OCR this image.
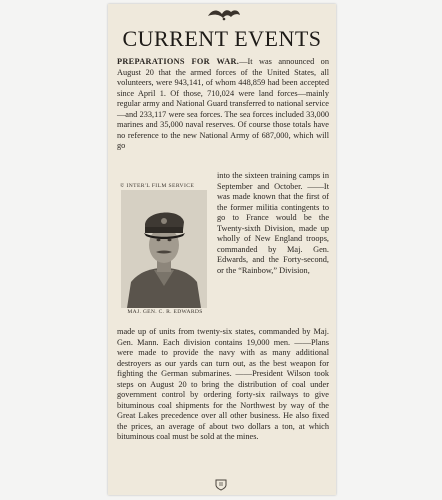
CURRENT EVENTS
PREPARATIONS FOR WAR.—It was announced on August 20 that the armed forces of the United States, all volunteers, were 943,141, of whom 448,859 had been accepted since April 1. Of those, 710,024 were land forces—mainly regular army and National Guard transferred to national service—and 233,117 were sea forces. The sea forces included 33,000 marines and 35,000 naval reserves. Of course those totals have no reference to the new National Army of 687,000, which will go
© INTER'L FILM SERVICE
MAJ. GEN. C. R. EDWARDS
into the sixteen training camps in September and October. ——It was made known that the first of the former militia contingents to go to France would be the Twenty-sixth Division, made up wholly of New England troops, commanded by Maj. Gen. Edwards, and the Forty-second, or the “Rainbow,” Division,
made up of units from twenty-six states, commanded by Maj. Gen. Mann. Each division contains 19,000 men. ——Plans were made to provide the navy with as many additional destroyers as our yards can turn out, as the best weapon for fighting the German submarines. ——President Wilson took steps on August 20 to bring the distribution of coal under government control by ordering forty-six railways to give bituminous coal shipments for the Northwest by way of the Great Lakes precedence over all other business. He also fixed the prices, an average of about two dollars a ton, at which bituminous coal must be sold at the mines.
